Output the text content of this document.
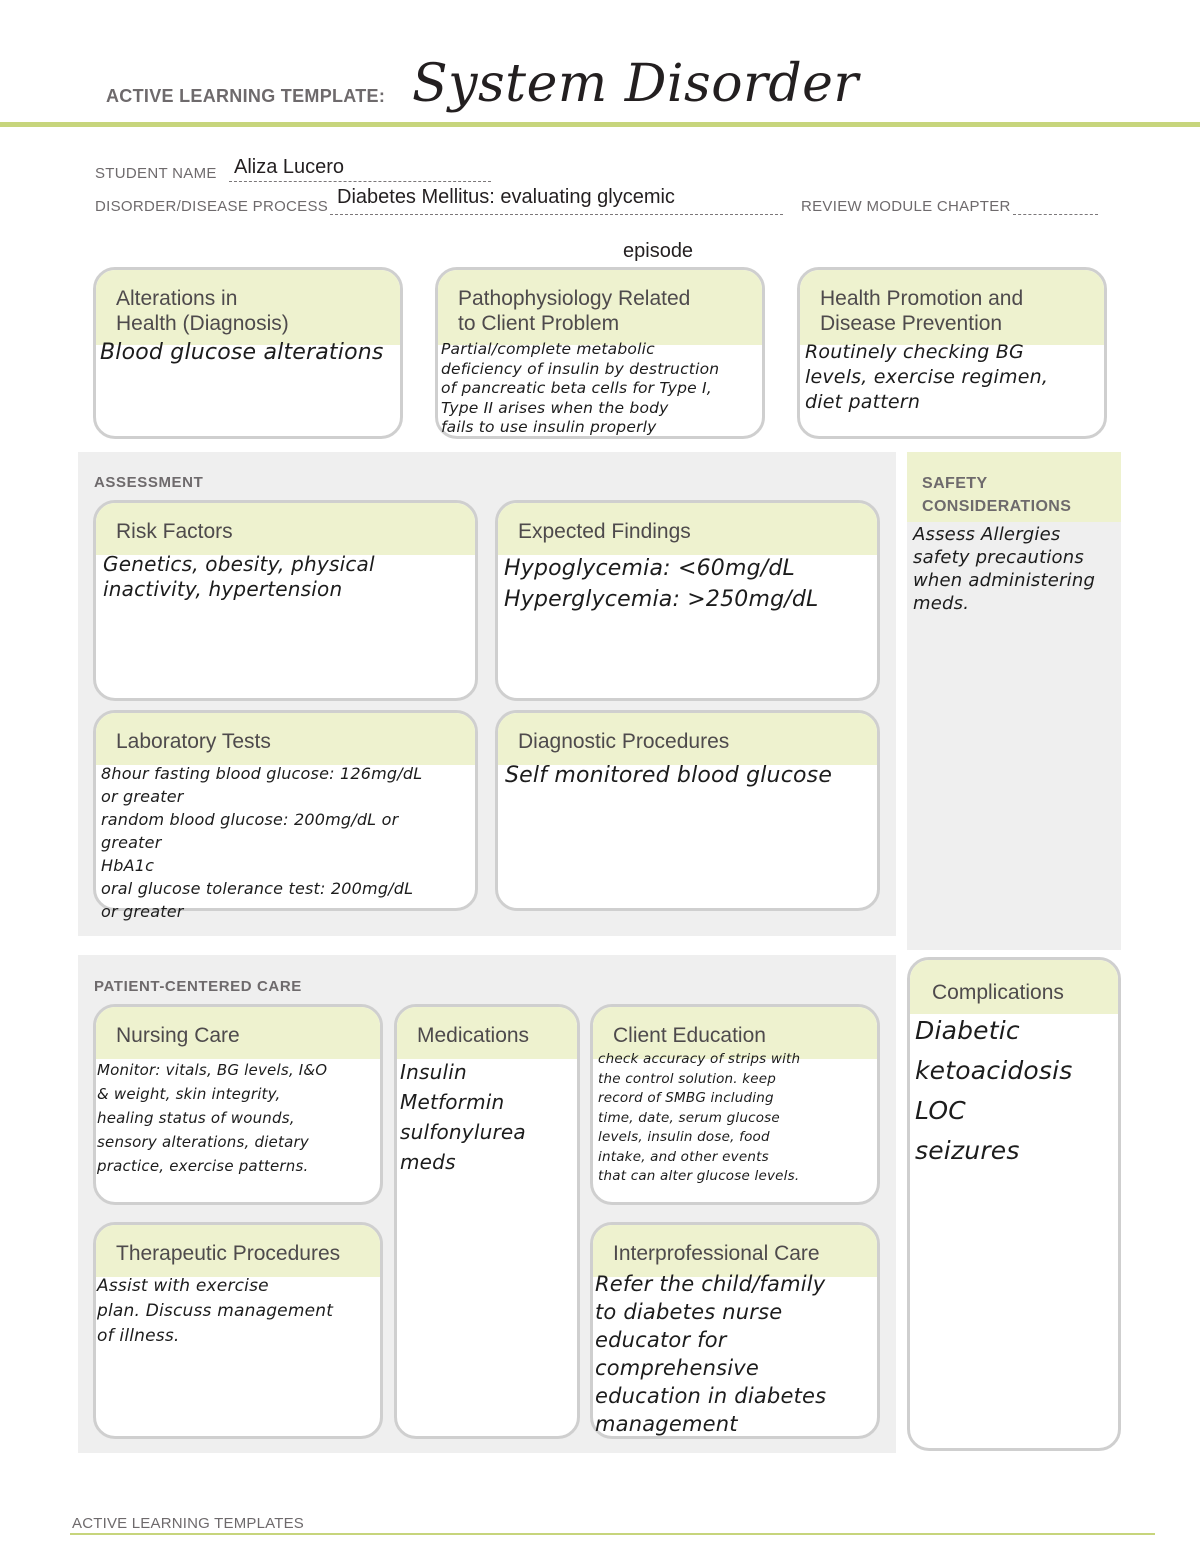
ACTIVE LEARNING TEMPLATE: System Disorder
STUDENT NAME Aliza Lucero
DISORDER/DISEASE PROCESS Diabetes Mellitus: evaluating glycemic
episode
REVIEW MODULE CHAPTER
Alterations in
Health (Diagnosis)
Blood glucose alterations
Pathophysiology Related
to Client Problem
Partial/complete metabolic
deficiency of insulin by destruction
of pancreatic beta cells for Type I,
Type II arises when the body
fails to use insulin properly
Health Promotion and
Disease Prevention
Routinely checking BG
levels, exercise regimen,
diet pattern
ASSESSMENT
Risk Factors
Genetics, obesity, physical
inactivity, hypertension
Expected Findings
Hypoglycemia: <60mg/dL
Hyperglycemia: >250mg/dL
Laboratory Tests
8hour fasting blood glucose: 126mg/dL
or greater
random blood glucose: 200mg/dL or
greater
HbA1c
oral glucose tolerance test: 200mg/dL
or greater
Diagnostic Procedures
Self monitored blood glucose
SAFETY
CONSIDERATIONS
Assess Allergies
safety precautions
when administering
meds.
PATIENT-CENTERED CARE
Nursing Care
Monitor: vitals, BG levels, I&O
& weight, skin integrity,
healing status of wounds,
sensory alterations, dietary
practice, exercise patterns.
Medications
Insulin
Metformin
sulfonylurea
meds
Client Education
check accuracy of strips with
the control solution. keep
record of SMBG including
time, date, serum glucose
levels, insulin dose, food
intake, and other events
that can alter glucose levels.
Therapeutic Procedures
Assist with exercise
plan. Discuss management
of illness.
Interprofessional Care
Refer the child/family
to diabetes nurse
educator for
comprehensive
education in diabetes
management
Complications
Diabetic
ketoacidosis
LOC
seizures
ACTIVE LEARNING TEMPLATES
